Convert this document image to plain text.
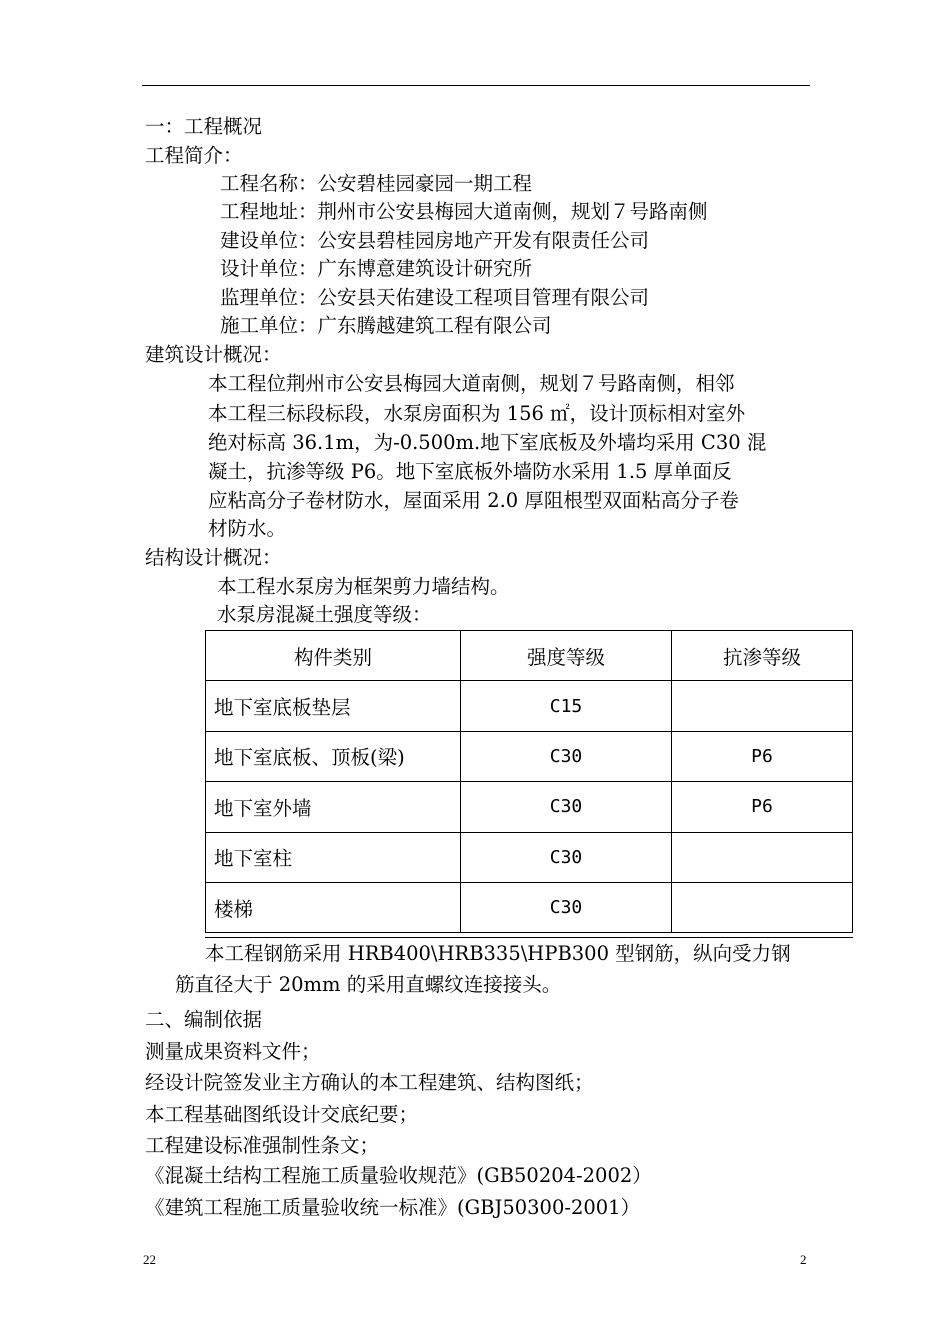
一：工程概况
工程简介：
工程名称：公安碧桂园豪园一期工程
工程地址：荆州市公安县梅园大道南侧，规划７号路南侧
建设单位：公安县碧桂园房地产开发有限责任公司
设计单位：广东博意建筑设计研究所
监理单位：公安县天佑建设工程项目管理有限公司
施工单位：广东腾越建筑工程有限公司
建筑设计概况：
本工程位荆州市公安县梅园大道南侧，规划７号路南侧，相邻
本工程三标段标段，水泵房面积为 156 ㎡，设计顶标相对室外
绝对标高 36.1m，为-0.500m.地下室底板及外墙均采用 C30 混
凝土，抗渗等级 P6。地下室底板外墙防水采用 1.5 厚单面反
应粘高分子卷材防水，屋面采用 2.0 厚阻根型双面粘高分子卷
材防水。
结构设计概况：
本工程水泵房为框架剪力墙结构。
水泵房混凝土强度等级：
构件类别	强度等级	抗渗等级
地下室底板垫层	C15	
地下室底板、顶板(梁)	C30	P6
地下室外墙	C30	P6
地下室柱	C30	
楼梯	C30	
本工程钢筋采用 HRB400\HRB335\HPB300 型钢筋，纵向受力钢
筋直径大于 20mm 的采用直螺纹连接接头。
二、编制依据
测量成果资料文件；
经设计院签发业主方确认的本工程建筑、结构图纸；
本工程基础图纸设计交底纪要；
工程建设标准强制性条文；
《混凝土结构工程施工质量验收规范》(GB50204-2002）
《建筑工程施工质量验收统一标准》(GBJ50300-2001）
22	2
